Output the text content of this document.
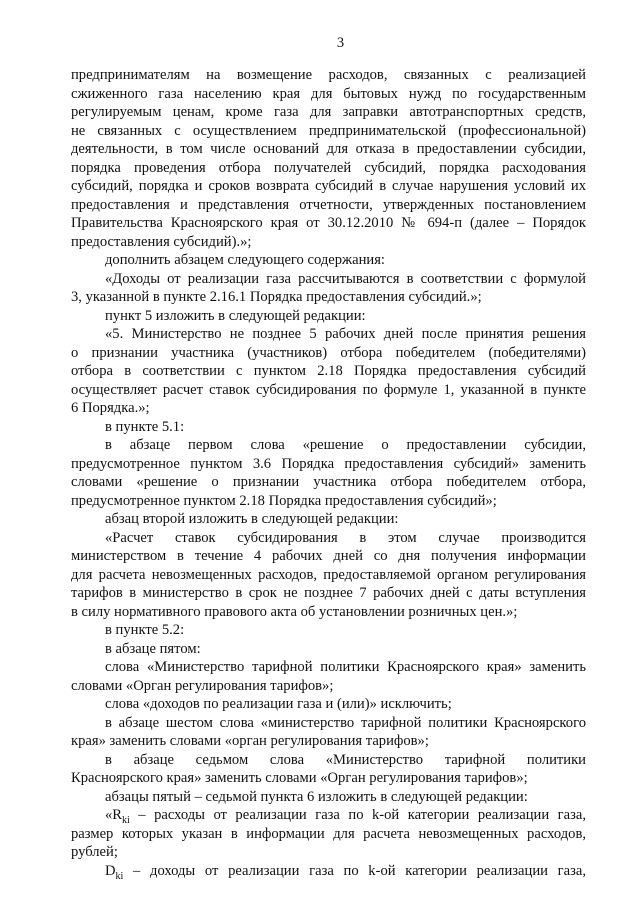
3
предпринимателям на возмещение расходов, связанных с реализацией
сжиженного газа населению края для бытовых нужд по государственным
регулируемым ценам, кроме газа для заправки автотранспортных средств,
не связанных с осуществлением предпринимательской (профессиональной)
деятельности, в том числе оснований для отказа в предоставлении субсидии,
порядка проведения отбора получателей субсидий, порядка расходования
субсидий, порядка и сроков возврата субсидий в случае нарушения условий их
предоставления и представления отчетности, утвержденных постановлением
Правительства Красноярского края от 30.12.2010 № 694-п (далее – Порядок
предоставления субсидий).»;
дополнить абзацем следующего содержания:
«Доходы от реализации газа рассчитываются в соответствии с формулой
3, указанной в пункте 2.16.1 Порядка предоставления субсидий.»;
пункт 5 изложить в следующей редакции:
«5. Министерство не позднее 5 рабочих дней после принятия решения
о признании участника (участников) отбора победителем (победителями)
отбора в соответствии с пунктом 2.18 Порядка предоставления субсидий
осуществляет расчет ставок субсидирования по формуле 1, указанной в пункте
6 Порядка.»;
в пункте 5.1:
в абзаце первом слова «решение о предоставлении субсидии,
предусмотренное пунктом 3.6 Порядка предоставления субсидий» заменить
словами «решение о признании участника отбора победителем отбора,
предусмотренное пунктом 2.18 Порядка предоставления субсидий»;
абзац второй изложить в следующей редакции:
«Расчет ставок субсидирования в этом случае производится
министерством в течение 4 рабочих дней со дня получения информации
для расчета невозмещенных расходов, предоставляемой органом регулирования
тарифов в министерство в срок не позднее 7 рабочих дней с даты вступления
в силу нормативного правового акта об установлении розничных цен.»;
в пункте 5.2:
в абзаце пятом:
слова «Министерство тарифной политики Красноярского края» заменить
словами «Орган регулирования тарифов»;
слова «доходов по реализации газа и (или)» исключить;
в абзаце шестом слова «министерство тарифной политики Красноярского
края» заменить словами «орган регулирования тарифов»;
в абзаце седьмом слова «Министерство тарифной политики
Красноярского края» заменить словами «Орган регулирования тарифов»;
абзацы пятый – седьмой пункта 6 изложить в следующей редакции:
«$R_{ki}$ – расходы от реализации газа по k-ой категории реализации газа,
размер которых указан в информации для расчета невозмещенных расходов,
рублей;
$D_{ki}$ – доходы от реализации газа по k-ой категории реализации газа,
